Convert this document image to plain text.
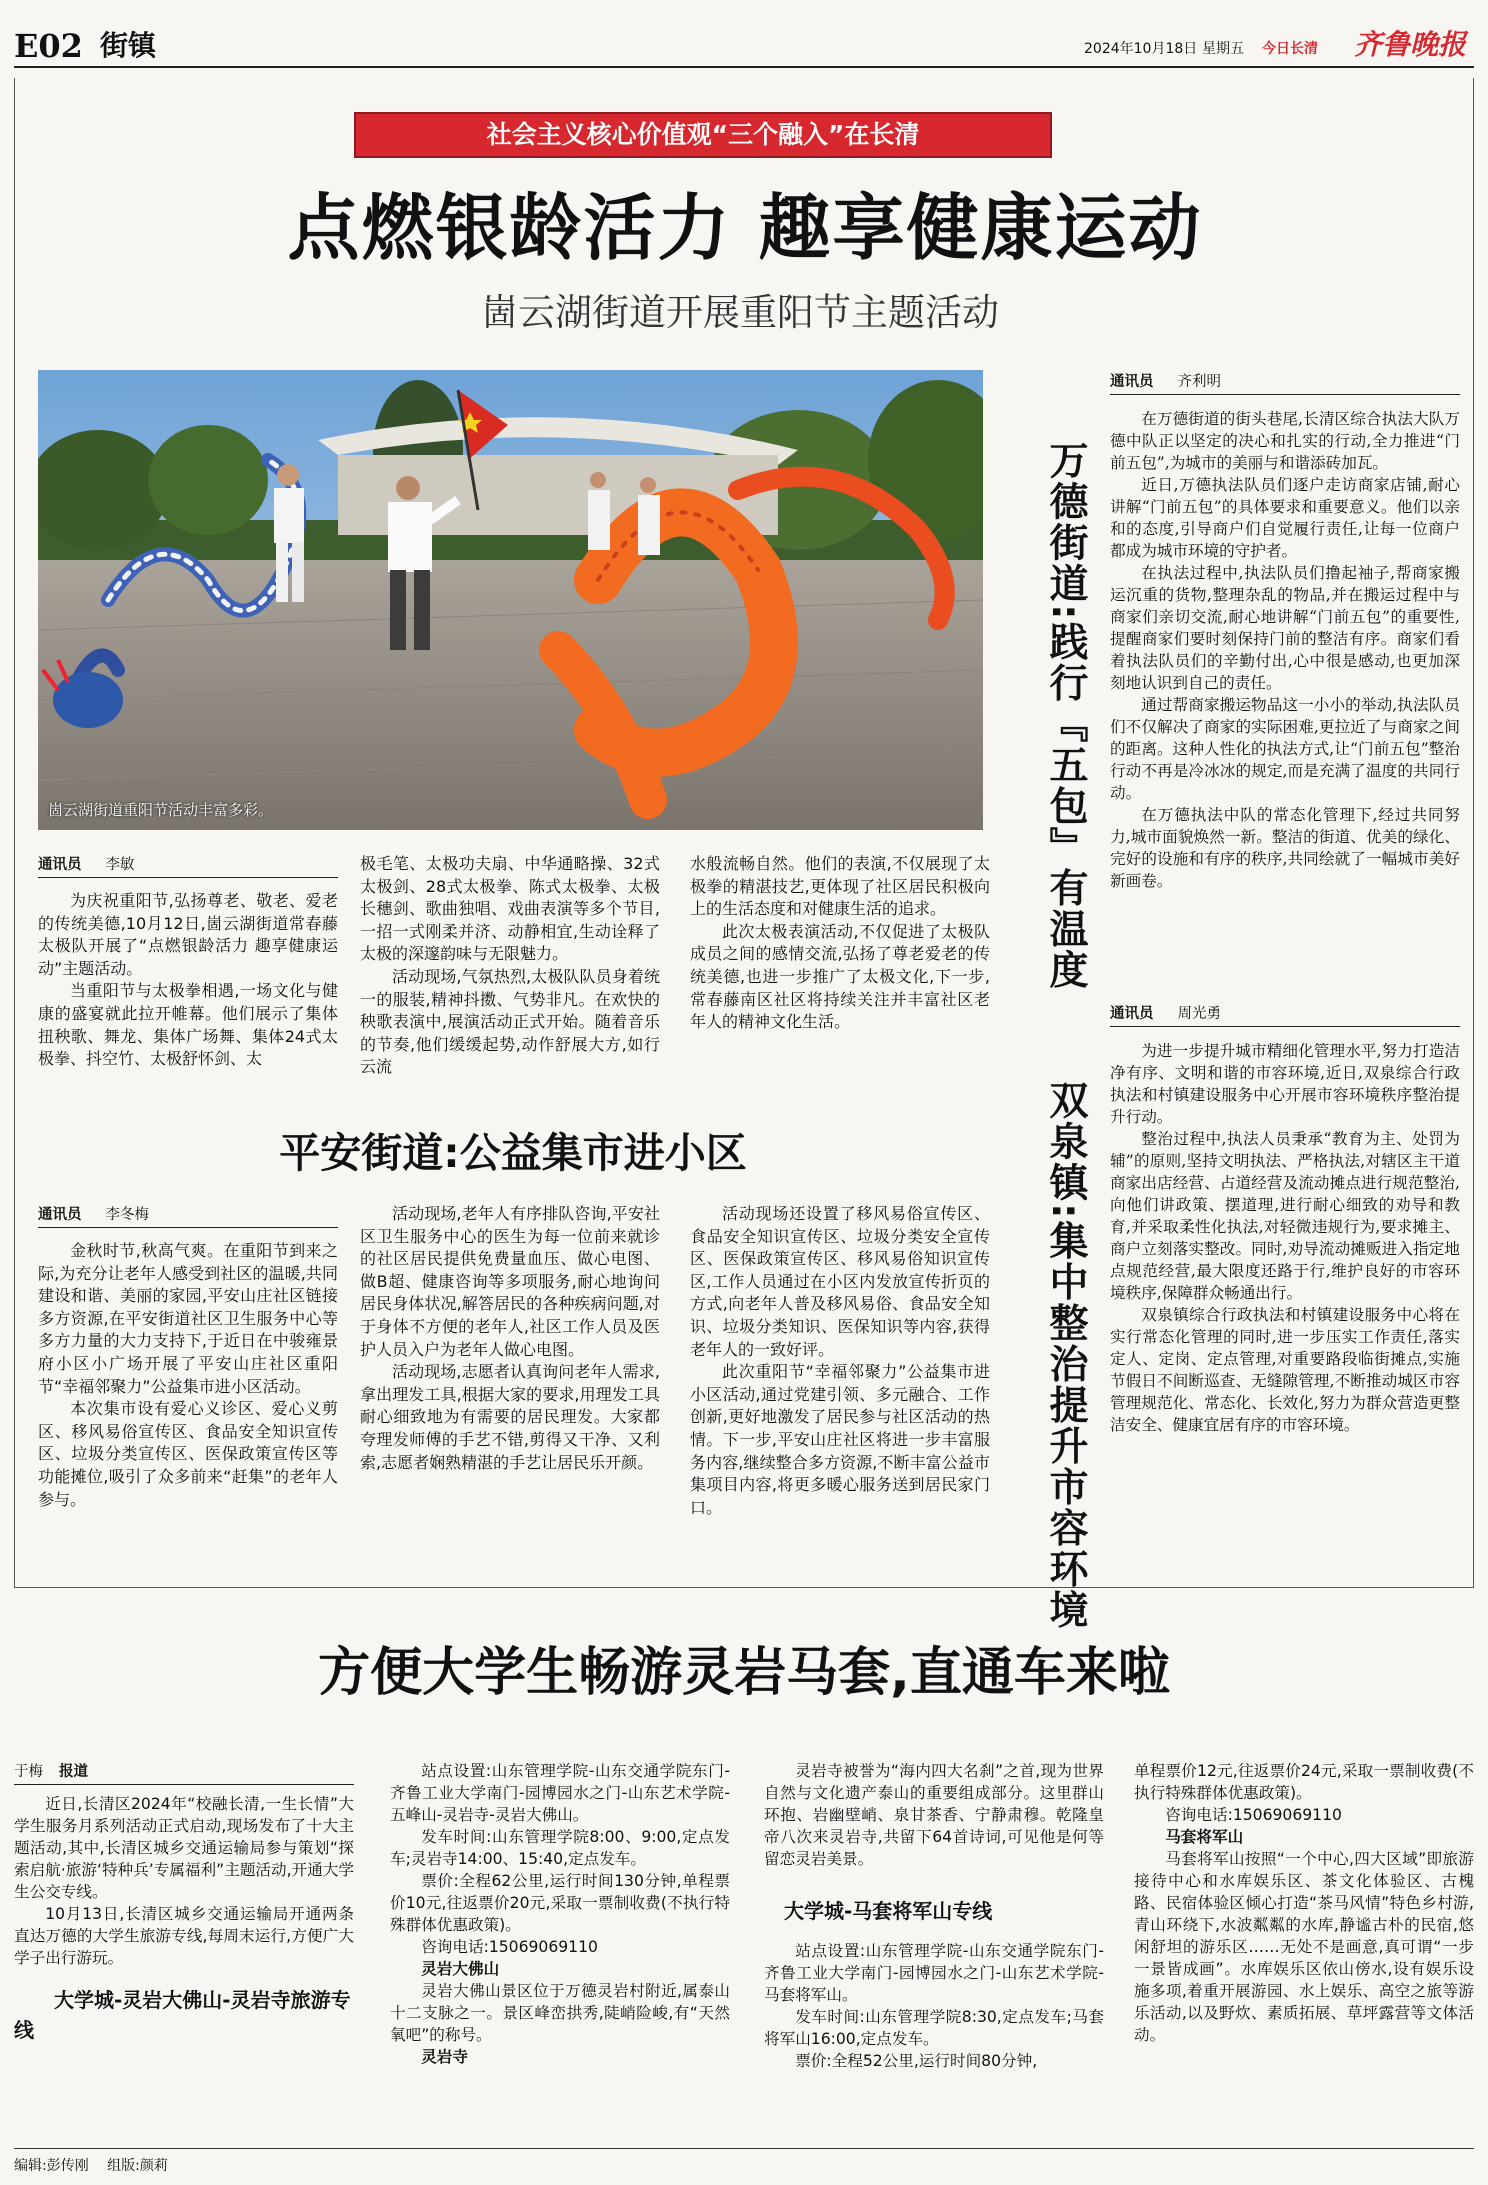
E02 街镇	2024年10月18日 星期五 今日长清 齐鲁晚报
社会主义核心价值观“三个融入”在长清
点燃银龄活力 趣享健康运动
崮云湖街道开展重阳节主题活动
崮云湖街道重阳节活动丰富多彩。
通讯员 李敏

为庆祝重阳节,弘扬尊老、敬老、爱老的传统美德,10月12日,崮云湖街道常春藤太极队开展了“点燃银龄活力 趣享健康运动”主题活动。

当重阳节与太极拳相遇,一场文化与健康的盛宴就此拉开帷幕。他们展示了集体扭秧歌、舞龙、集体广场舞、集体24式太极拳、抖空竹、太极舒怀剑、太

极毛笔、太极功夫扇、中华通略操、32式太极剑、28式太极拳、陈式太极拳、太极长穗剑、歌曲独唱、戏曲表演等多个节目,一招一式刚柔并济、动静相宜,生动诠释了太极的深邃韵味与无限魅力。

活动现场,气氛热烈,太极队队员身着统一的服装,精神抖擞、气势非凡。在欢快的秧歌表演中,展演活动正式开始。随着音乐的节奏,他们缓缓起势,动作舒展大方,如行云流

水般流畅自然。他们的表演,不仅展现了太极拳的精湛技艺,更体现了社区居民积极向上的生活态度和对健康生活的追求。

此次太极表演活动,不仅促进了太极队成员之间的感情交流,弘扬了尊老爱老的传统美德,也进一步推广了太极文化,下一步,常春藤南区社区将持续关注并丰富社区老年人的精神文化生活。

平安街道:公益集市进小区
通讯员 李冬梅

金秋时节,秋高气爽。在重阳节到来之际,为充分让老年人感受到社区的温暖,共同建设和谐、美丽的家园,平安山庄社区链接多方资源,在平安街道社区卫生服务中心等多方力量的大力支持下,于近日在中骏雍景府小区小广场开展了平安山庄社区重阳节“幸福邻聚力”公益集市进小区活动。

本次集市设有爱心义诊区、爱心义剪区、移风易俗宣传区、食品安全知识宣传区、垃圾分类宣传区、医保政策宣传区等功能摊位,吸引了众多前来“赶集”的老年人参与。

活动现场,老年人有序排队咨询,平安社区卫生服务中心的医生为每一位前来就诊的社区居民提供免费量血压、做心电图、做B超、健康咨询等多项服务,耐心地询问居民身体状况,解答居民的各种疾病问题,对于身体不方便的老年人,社区工作人员及医护人员入户为老年人做心电图。

活动现场,志愿者认真询问老年人需求,拿出理发工具,根据大家的要求,用理发工具耐心细致地为有需要的居民理发。大家都夸理发师傅的手艺不错,剪得又干净、又利索,志愿者娴熟精湛的手艺让居民乐开颜。

活动现场还设置了移风易俗宣传区、食品安全知识宣传区、垃圾分类安全宣传区、医保政策宣传区、移风易俗知识宣传区,工作人员通过在小区内发放宣传折页的方式,向老年人普及移风易俗、食品安全知识、垃圾分类知识、医保知识等内容,获得老年人的一致好评。

此次重阳节“幸福邻聚力”公益集市进小区活动,通过党建引领、多元融合、工作创新,更好地激发了居民参与社区活动的热情。下一步,平安山庄社区将进一步丰富服务内容,继续整合多方资源,不断丰富公益市集项目内容,将更多暖心服务送到居民家门口。

万德街道:践行『五包』有温度
通讯员 齐利明

在万德街道的街头巷尾,长清区综合执法大队万德中队正以坚定的决心和扎实的行动,全力推进“门前五包”,为城市的美丽与和谐添砖加瓦。

近日,万德执法队员们逐户走访商家店铺,耐心讲解“门前五包”的具体要求和重要意义。他们以亲和的态度,引导商户们自觉履行责任,让每一位商户都成为城市环境的守护者。

在执法过程中,执法队员们撸起袖子,帮商家搬运沉重的货物,整理杂乱的物品,并在搬运过程中与商家们亲切交流,耐心地讲解“门前五包”的重要性,提醒商家们要时刻保持门前的整洁有序。商家们看着执法队员们的辛勤付出,心中很是感动,也更加深刻地认识到自己的责任。

通过帮商家搬运物品这一小小的举动,执法队员们不仅解决了商家的实际困难,更拉近了与商家之间的距离。这种人性化的执法方式,让“门前五包”整治行动不再是冷冰冰的规定,而是充满了温度的共同行动。

在万德执法中队的常态化管理下,经过共同努力,城市面貌焕然一新。整洁的街道、优美的绿化、完好的设施和有序的秩序,共同绘就了一幅城市美好新画卷。

双泉镇:集中整治提升市容环境
通讯员 周光勇

为进一步提升城市精细化管理水平,努力打造洁净有序、文明和谐的市容环境,近日,双泉综合行政执法和村镇建设服务中心开展市容环境秩序整治提升行动。

整治过程中,执法人员秉承“教育为主、处罚为辅”的原则,坚持文明执法、严格执法,对辖区主干道商家出店经营、占道经营及流动摊点进行规范整治,向他们讲政策、摆道理,进行耐心细致的劝导和教育,并采取柔性化执法,对轻微违规行为,要求摊主、商户立刻落实整改。同时,劝导流动摊贩进入指定地点规范经营,最大限度还路于行,维护良好的市容环境秩序,保障群众畅通出行。

双泉镇综合行政执法和村镇建设服务中心将在实行常态化管理的同时,进一步压实工作责任,落实定人、定岗、定点管理,对重要路段临街摊点,实施节假日不间断巡查、无缝隙管理,不断推动城区市容管理规范化、常态化、长效化,努力为群众营造更整洁安全、健康宜居有序的市容环境。

方便大学生畅游灵岩马套,直通车来啦
于梅 报道

近日,长清区2024年“校融长清,一生长情”大学生服务月系列活动正式启动,现场发布了十大主题活动,其中,长清区城乡交通运输局参与策划“探索启航·旅游‘特种兵’专属福利”主题活动,开通大学生公交专线。

10月13日,长清区城乡交通运输局开通两条直达万德的大学生旅游专线,每周末运行,方便广大学子出行游玩。

大学城-灵岩大佛山-灵岩寺旅游专线

站点设置:山东管理学院-山东交通学院东门-齐鲁工业大学南门-园博园水之门-山东艺术学院-五峰山-灵岩寺-灵岩大佛山。

发车时间:山东管理学院8:00、9:00,定点发车;灵岩寺14:00、15:40,定点发车。

票价:全程62公里,运行时间130分钟,单程票价10元,往返票价20元,采取一票制收费(不执行特殊群体优惠政策)。

咨询电话:15069069110

灵岩大佛山

灵岩大佛山景区位于万德灵岩村附近,属泰山十二支脉之一。景区峰峦拱秀,陡峭险峻,有“天然氧吧”的称号。

灵岩寺

灵岩寺被誉为“海内四大名刹”之首,现为世界自然与文化遗产泰山的重要组成部分。这里群山环抱、岩幽壁峭、泉甘茶香、宁静肃穆。乾隆皇帝八次来灵岩寺,共留下64首诗词,可见他是何等留恋灵岩美景。

大学城-马套将军山专线

站点设置:山东管理学院-山东交通学院东门-齐鲁工业大学南门-园博园水之门-山东艺术学院-马套将军山。

发车时间:山东管理学院8:30,定点发车;马套将军山16:00,定点发车。

票价:全程52公里,运行时间80分钟,

单程票价12元,往返票价24元,采取一票制收费(不执行特殊群体优惠政策)。

咨询电话:15069069110

马套将军山

马套将军山按照“一个中心,四大区域”即旅游接待中心和水库娱乐区、茶文化体验区、古槐路、民宿体验区倾心打造“茶马风情”特色乡村游,青山环绕下,水波粼粼的水库,静谧古朴的民宿,悠闲舒坦的游乐区……无处不是画意,真可谓“一步一景皆成画”。水库娱乐区依山傍水,设有娱乐设施多项,着重开展游园、水上娱乐、高空之旅等游乐活动,以及野炊、素质拓展、草坪露营等文体活动。

编辑:彭传刚 组版:颜莉
